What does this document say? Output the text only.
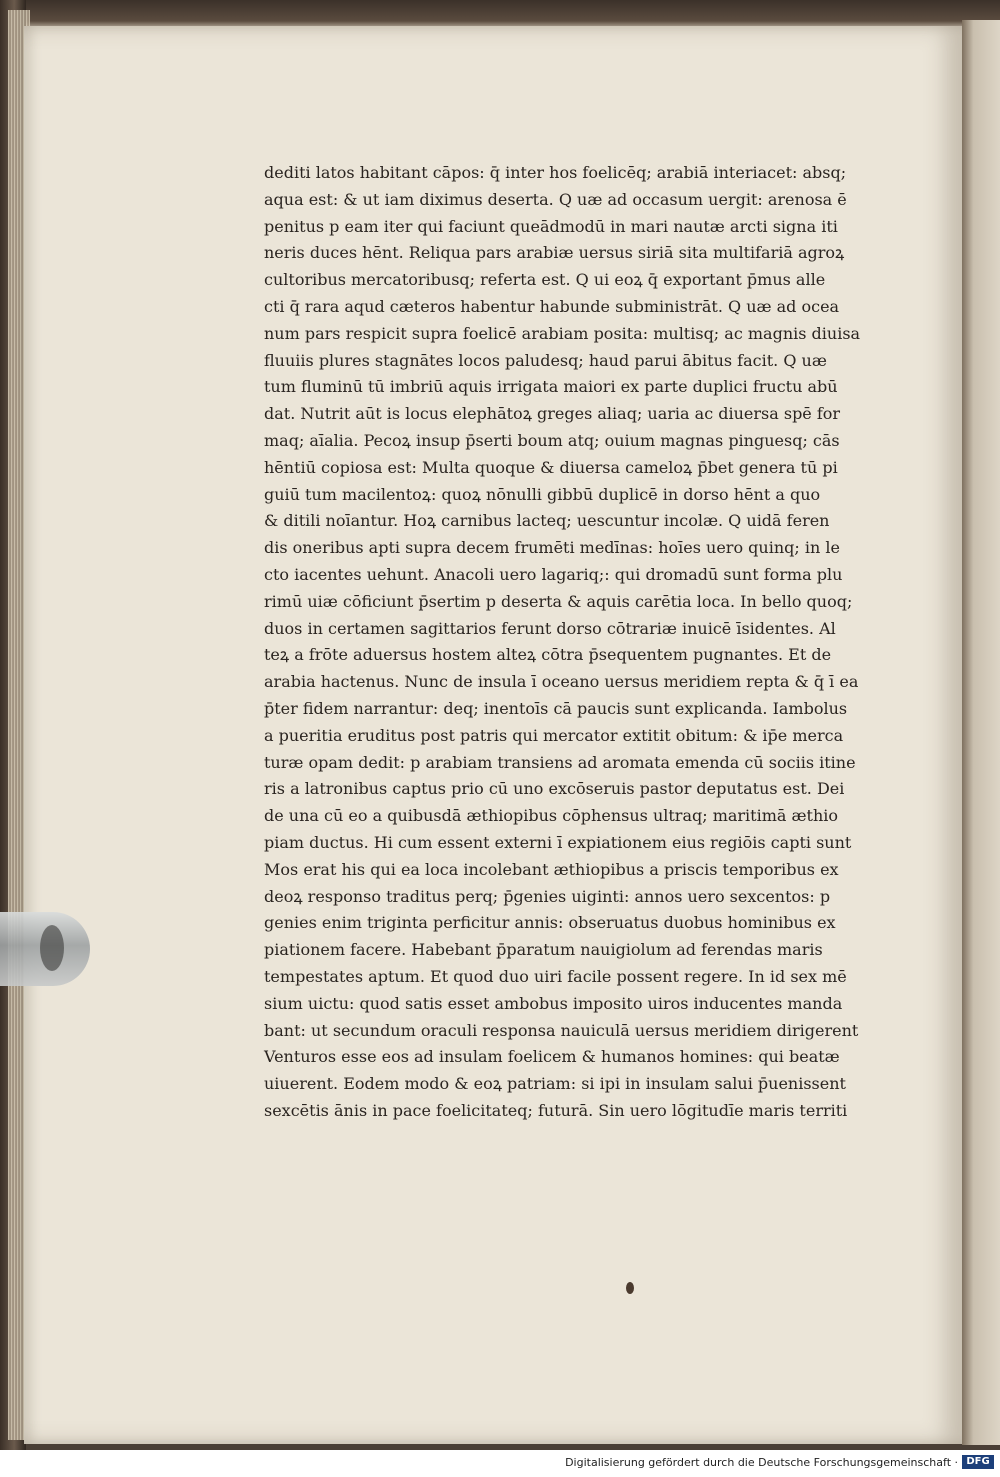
dediti latos habitant cāpos: q̄ inter hos foelicēq; arabiā interiacet: absq;
aqua est: & ut iam diximus deserta. Q uæ ad occasum uergit: arenosa ē
penitus p eam iter qui faciunt queādmodū in mari nautæ arcti signa iti
neris duces hēnt. Reliqua pars arabiæ uersus siriā sita multifariā agroꝝ
cultoribus mercatoribusq; referta est. Q ui eoꝝ q̄ exportant p̄mus alle
cti q̄ rara aqud cæteros habentur habunde subministrāt. Q uæ ad ocea
num pars respicit supra foelicē arabiam posita: multisq; ac magnis diuisa
fluuiis plures stagnātes locos paludesq; haud parui ābitus facit. Q uæ
tum fluminū tū imbriū aquis irrigata maiori ex parte duplici fructu abū
dat. Nutrit aūt is locus elephātoꝝ greges aliaq; uaria ac diuersa spē for
maq; aīalia. Pecoꝝ insup p̄serti boum atq; ouium magnas pinguesq; cās
hēntiū copiosa est: Multa quoque & diuersa cameloꝝ p̄bet genera tū pi
guiū tum macilentoꝝ: quoꝝ nōnulli gibbū duplicē in dorso hēnt a quo
& ditili noīantur. Hoꝝ carnibus lacteq; uescuntur incolæ. Q uidā feren
dis oneribus apti supra decem frumēti medīnas: hoīes uero quinq; in le
cto iacentes uehunt. Anacoli uero lagariq;: qui dromadū sunt forma plu
rimū uiæ cōficiunt p̄sertim p deserta & aquis carētia loca. In bello quoq;
duos in certamen sagittarios ferunt dorso cōtrariæ inuicē īsidentes. Al
teꝝ a frōte aduersus hostem alteꝝ cōtra p̄sequentem pugnantes. Et de
arabia hactenus. Nunc de insula ī oceano uersus meridiem repta & q̄ ī ea
p̄ter fidem narrantur: deq; inentoīs cā paucis sunt explicanda. Iambolus
a pueritia eruditus post patris qui mercator extitit obitum: & ip̄e merca
turæ opam dedit: p arabiam transiens ad aromata emenda cū sociis itine
ris a latronibus captus prio cū uno excōseruis pastor deputatus est. Dei
de una cū eo a quibusdā æthiopibus cōphensus ultraq; maritimā æthio
piam ductus. Hi cum essent externi ī expiationem eius regiōis capti sunt
Mos erat his qui ea loca incolebant æthiopibus a priscis temporibus ex
deoꝝ responso traditus perq; p̄genies uiginti: annos uero sexcentos: p
genies enim triginta perficitur annis: obseruatus duobus hominibus ex
piationem facere. Habebant p̄paratum nauigiolum ad ferendas maris
tempestates aptum. Et quod duo uiri facile possent regere. In id sex mē
sium uictu: quod satis esset ambobus imposito uiros inducentes manda
bant: ut secundum oraculi responsa nauiculā uersus meridiem dirigerent
Venturos esse eos ad insulam foelicem & humanos homines: qui beatæ
uiuerent. Eodem modo & eoꝝ patriam: si ipi in insulam salui p̄uenissent
sexcētis ānis in pace foelicitateq; futurā. Sin uero lōgitudīe maris territi
Digitalisierung gefördert durch die Deutsche Forschungsgemeinschaft · DFG
